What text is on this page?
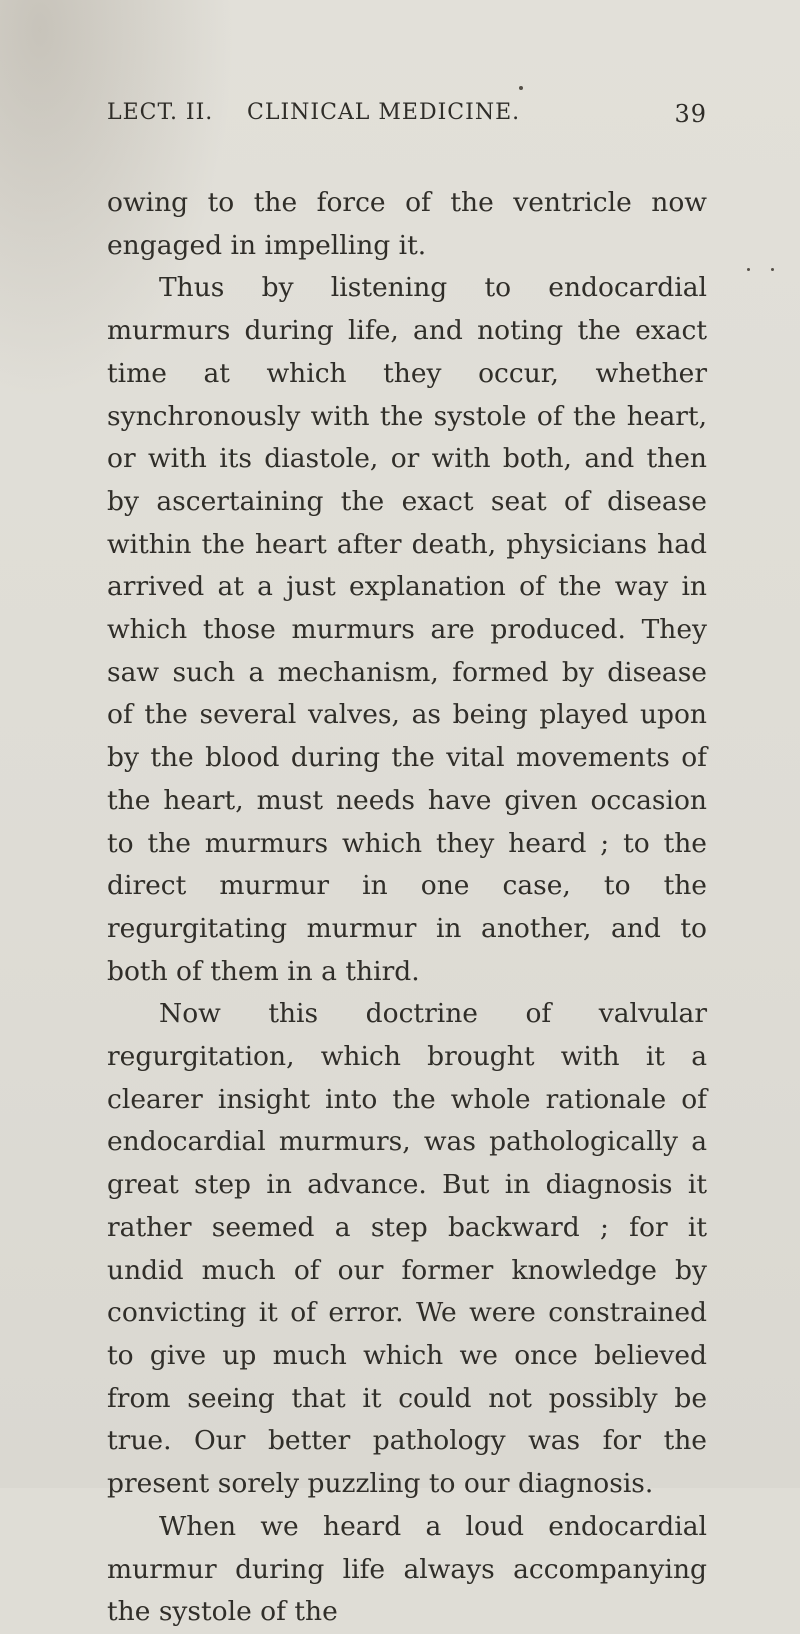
LECT. II. CLINICAL MEDICINE.	39

owing to the force of the ventricle now engaged in impelling it.

Thus by listening to endocardial murmurs during life, and noting the exact time at which they occur, whether synchronously with the systole of the heart, or with its diastole, or with both, and then by ascertaining the exact seat of disease within the heart after death, physicians had arrived at a just explanation of the way in which those murmurs are produced. They saw such a mechanism, formed by disease of the several valves, as being played upon by the blood during the vital movements of the heart, must needs have given occasion to the murmurs which they heard ; to the direct murmur in one case, to the regurgitating murmur in another, and to both of them in a third.

Now this doctrine of valvular regurgitation, which brought with it a clearer insight into the whole rationale of endocardial murmurs, was pathologically a great step in advance. But in diagnosis it rather seemed a step backward ; for it undid much of our former knowledge by convicting it of error. We were constrained to give up much which we once believed from seeing that it could not possibly be true. Our better pathology was for the present sorely puzzling to our diagnosis.

When we heard a loud endocardial murmur during life always accompanying the systole of the
